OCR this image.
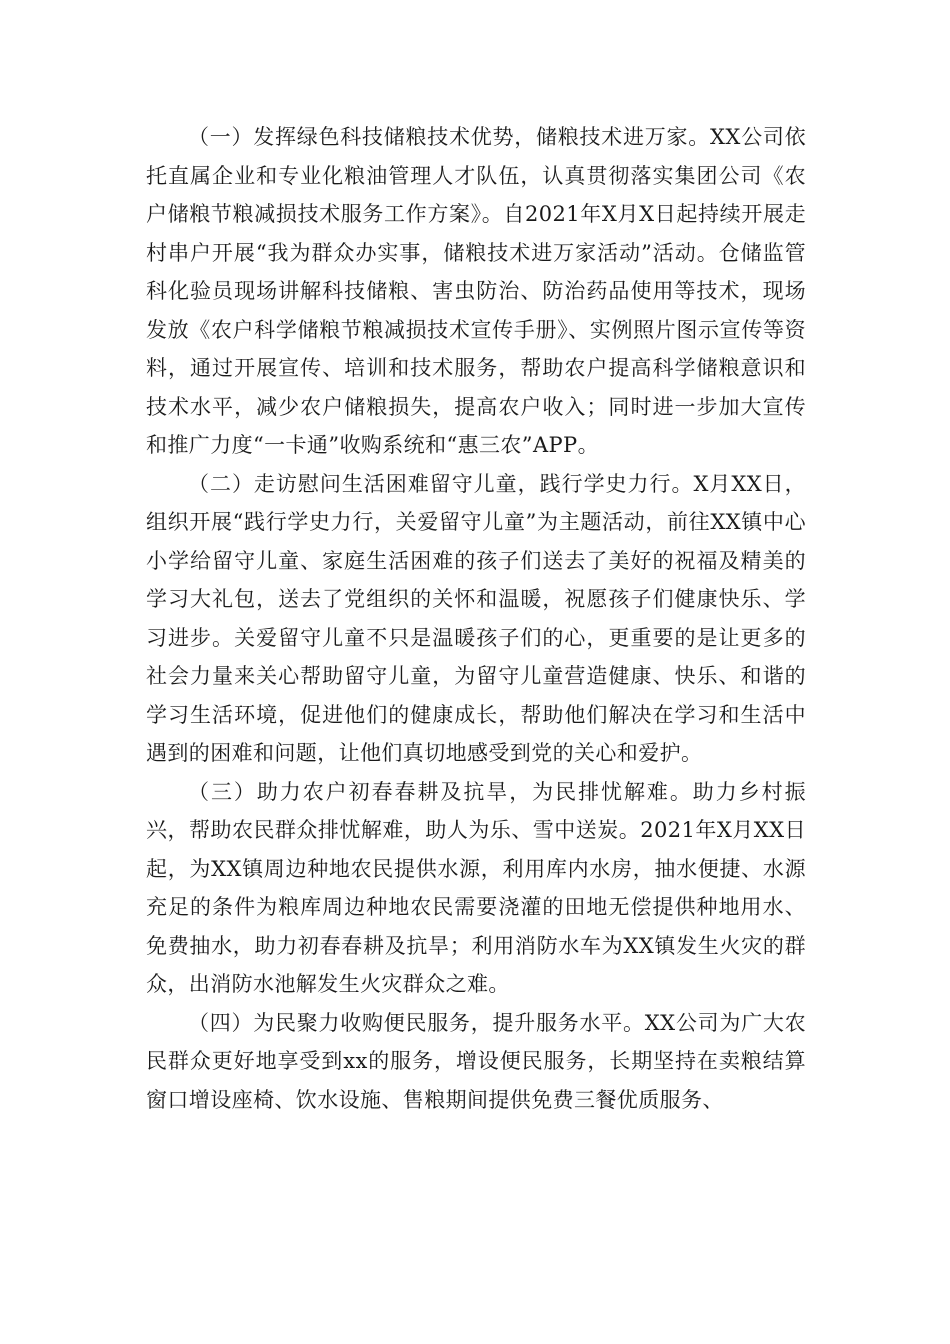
（一）发挥绿色科技储粮技术优势，储粮技术进万家。XX公司依托直属企业和专业化粮油管理人才队伍，认真贯彻落实集团公司《农户储粮节粮减损技术服务工作方案》。自2021年X月X日起持续开展走村串户开展“我为群众办实事，储粮技术进万家活动”活动。仓储监管科化验员现场讲解科技储粮、害虫防治、防治药品使用等技术，现场发放《农户科学储粮节粮减损技术宣传手册》、实例照片图示宣传等资料，通过开展宣传、培训和技术服务，帮助农户提高科学储粮意识和技术水平，减少农户储粮损失，提高农户收入；同时进一步加大宣传和推广力度“一卡通”收购系统和“惠三农”APP。

（二）走访慰问生活困难留守儿童，践行学史力行。X月XX日，组织开展“践行学史力行，关爱留守儿童”为主题活动，前往XX镇中心小学给留守儿童、家庭生活困难的孩子们送去了美好的祝福及精美的学习大礼包，送去了党组织的关怀和温暖，祝愿孩子们健康快乐、学习进步。关爱留守儿童不只是温暖孩子们的心，更重要的是让更多的社会力量来关心帮助留守儿童，为留守儿童营造健康、快乐、和谐的学习生活环境，促进他们的健康成长，帮助他们解决在学习和生活中遇到的困难和问题，让他们真切地感受到党的关心和爱护。

（三）助力农户初春春耕及抗旱，为民排忧解难。助力乡村振兴，帮助农民群众排忧解难，助人为乐、雪中送炭。2021年X月XX日起，为XX镇周边种地农民提供水源，利用库内水房，抽水便捷、水源充足的条件为粮库周边种地农民需要浇灌的田地无偿提供种地用水、免费抽水，助力初春春耕及抗旱；利用消防水车为XX镇发生火灾的群众，出消防水池解发生火灾群众之难。

（四）为民聚力收购便民服务，提升服务水平。XX公司为广大农民群众更好地享受到xx的服务，增设便民服务，长期坚持在卖粮结算窗口增设座椅、饮水设施、售粮期间提供免费三餐优质服务、
